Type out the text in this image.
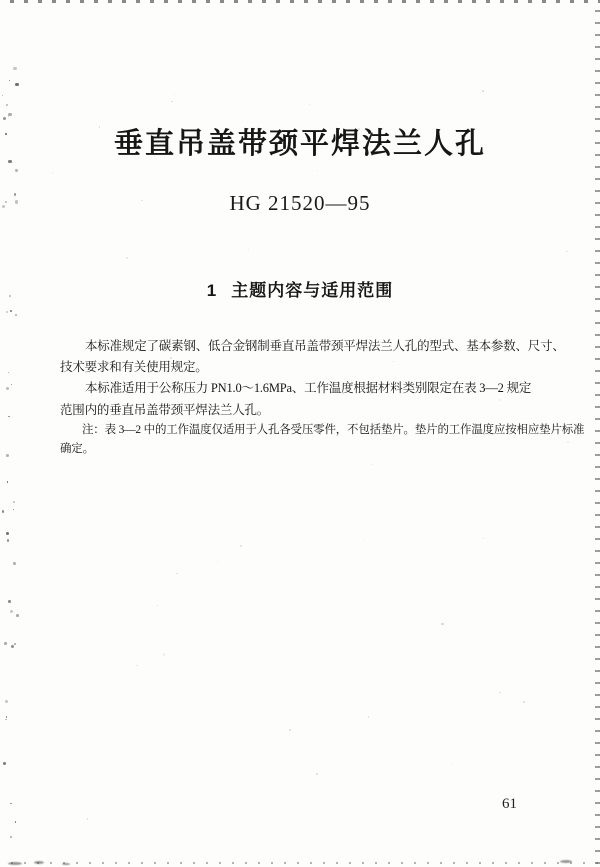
垂直吊盖带颈平焊法兰人孔
HG 21520—95
1 主题内容与适用范围
本标准规定了碳素钢、低合金钢制垂直吊盖带颈平焊法兰人孔的型式、基本参数、尺寸、
技术要求和有关使用规定。
本标准适用于公称压力 PN1.0～1.6MPa、工作温度根据材料类别限定在表 3—2 规定
范围内的垂直吊盖带颈平焊法兰人孔。
注：表 3—2 中的工作温度仅适用于人孔各受压零件，不包括垫片。垫片的工作温度应按相应垫片标准
确定。
61
